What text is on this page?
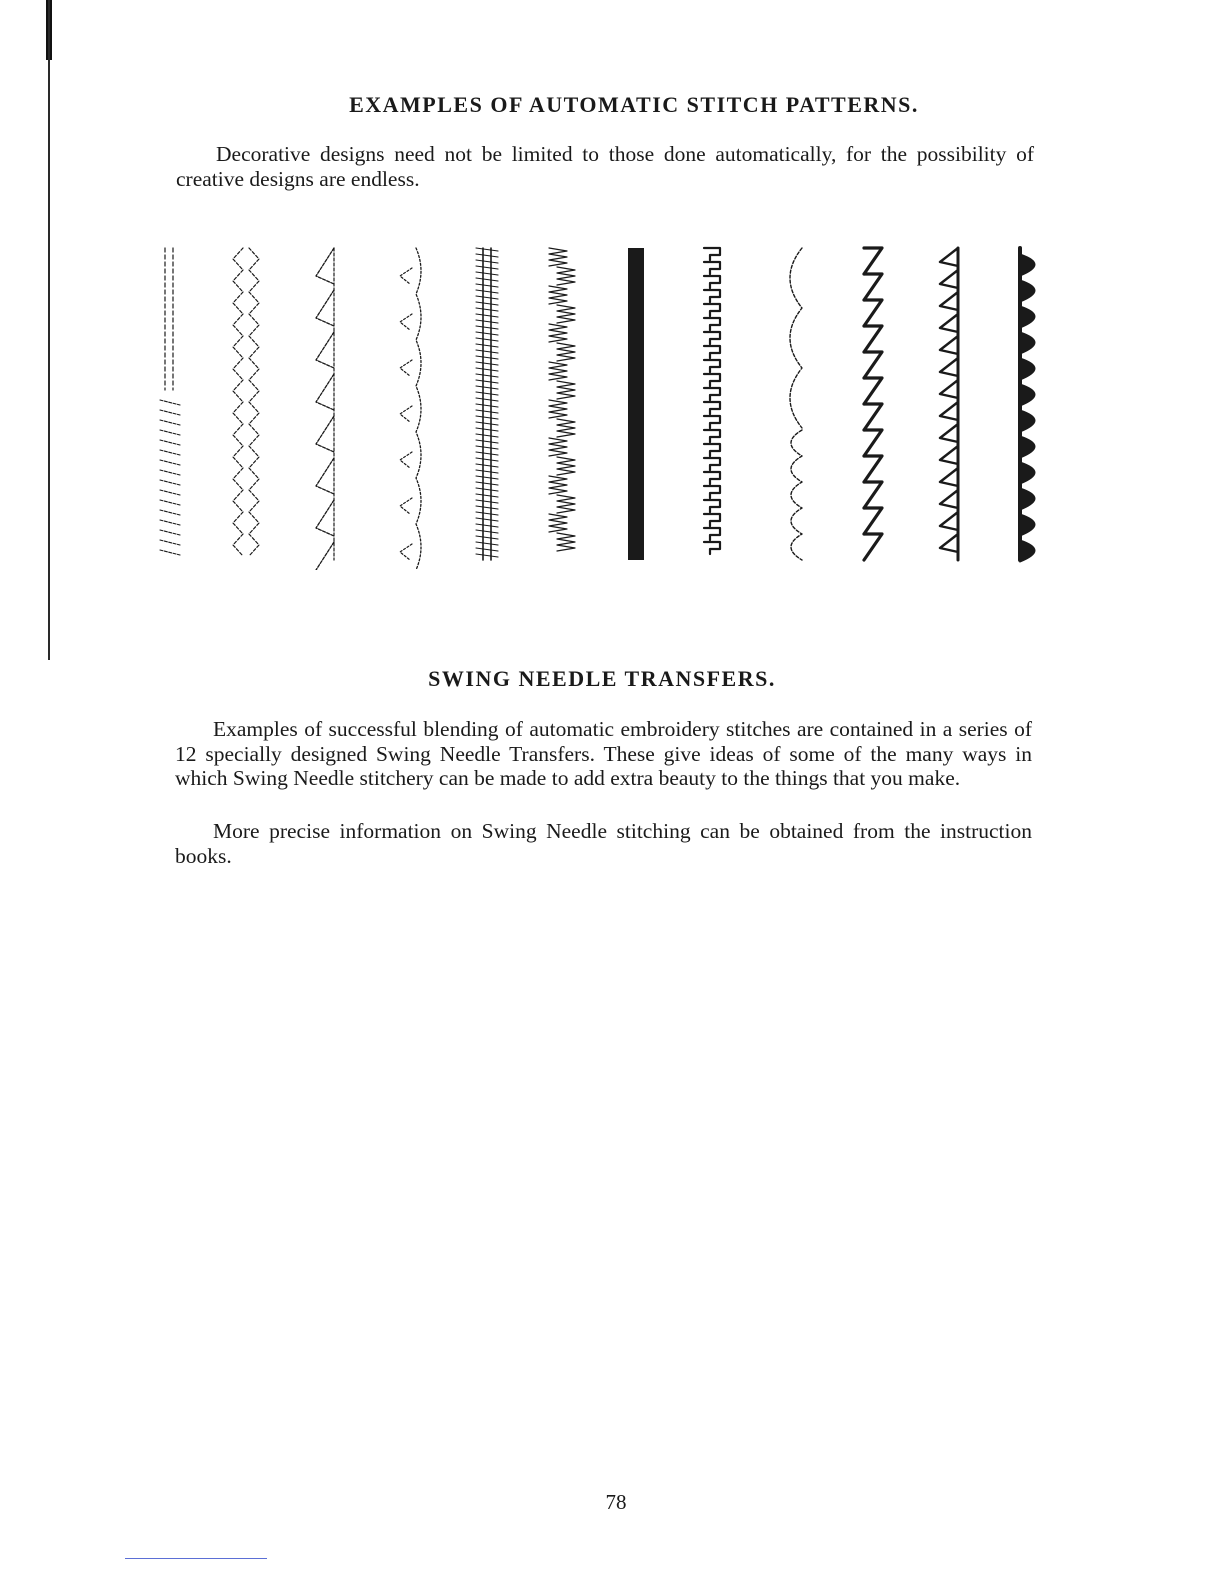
EXAMPLES OF AUTOMATIC STITCH PATTERNS.

Decorative designs need not be limited to those done automatically, for the possibility of creative designs are endless.

SWING NEEDLE TRANSFERS.

Examples of successful blending of automatic embroidery stitches are contained in a series of 12 specially designed Swing Needle Transfers. These give ideas of some of the many ways in which Swing Needle stitchery can be made to add extra beauty to the things that you make.

More precise information on Swing Needle stitching can be obtained from the instruction books.

78
